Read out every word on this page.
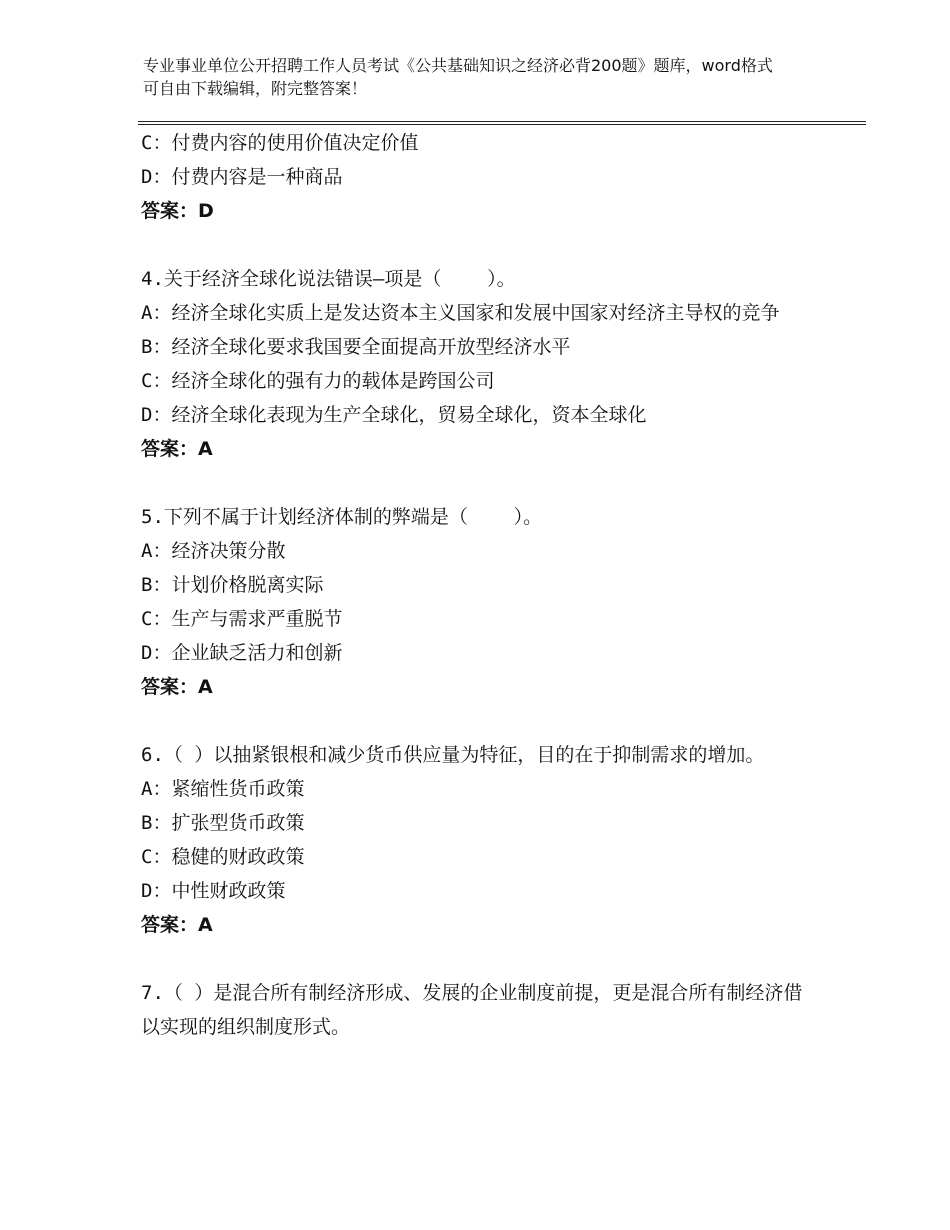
专业事业单位公开招聘工作人员考试《公共基础知识之经济必背200题》题库，word格式可自由下载编辑，附完整答案！
C：付费内容的使用价值决定价值
D：付费内容是一种商品
答案：D
4.关于经济全球化说法错误—项是（    ）。
A：经济全球化实质上是发达资本主义国家和发展中国家对经济主导权的竞争
B：经济全球化要求我国要全面提高开放型经济水平
C：经济全球化的强有力的载体是跨国公司
D：经济全球化表现为生产全球化，贸易全球化，资本全球化
答案：A
5.下列不属于计划经济体制的弊端是（    ）。
A：经济决策分散
B：计划价格脱离实际
C：生产与需求严重脱节
D：企业缺乏活力和创新
答案：A
6.（ ）以抽紧银根和减少货币供应量为特征，目的在于抑制需求的增加。
A：紧缩性货币政策
B：扩张型货币政策
C：稳健的财政政策
D：中性财政政策
答案：A
7.（ ）是混合所有制经济形成、发展的企业制度前提，更是混合所有制经济借以实现的组织制度形式。
